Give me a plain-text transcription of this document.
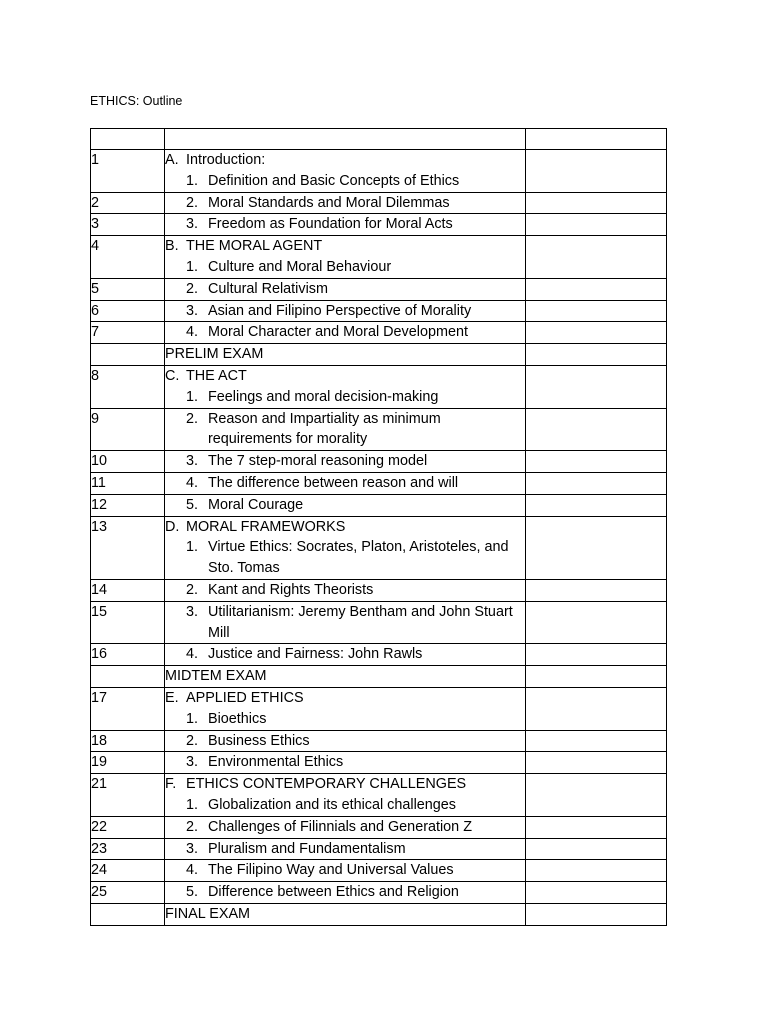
ETHICS: Outline

1	A. Introduction:
1. Definition and Basic Concepts of Ethics	

2	2. Moral Standards and Moral Dilemmas	

3	3. Freedom as Foundation for Moral Acts	

4	B. THE MORAL AGENT
1. Culture and Moral Behaviour	

5	2. Cultural Relativism	

6	3. Asian and Filipino Perspective of Morality	

7	4. Moral Character and Moral Development	

	PRELIM EXAM	

8	C. THE ACT
1. Feelings and moral decision-making	

9	2. Reason and Impartiality as minimum requirements for morality	

10	3. The 7 step-moral reasoning model	

11	4. The difference between reason and will	

12	5. Moral Courage	

13	D. MORAL FRAMEWORKS
1. Virtue Ethics: Socrates, Platon, Aristoteles, and Sto. Tomas	

14	2. Kant and Rights Theorists	

15	3. Utilitarianism: Jeremy Bentham and John Stuart Mill	

16	4. Justice and Fairness: John Rawls	

	MIDTEM EXAM	

17	E. APPLIED ETHICS
1. Bioethics	

18	2. Business Ethics	

19	3. Environmental Ethics	

21	F. ETHICS CONTEMPORARY CHALLENGES
1. Globalization and its ethical challenges	

22	2. Challenges of Filinnials and Generation Z	

23	3. Pluralism and Fundamentalism	

24	4. The Filipino Way and Universal Values	

25	5. Difference between Ethics and Religion	

	FINAL EXAM	
